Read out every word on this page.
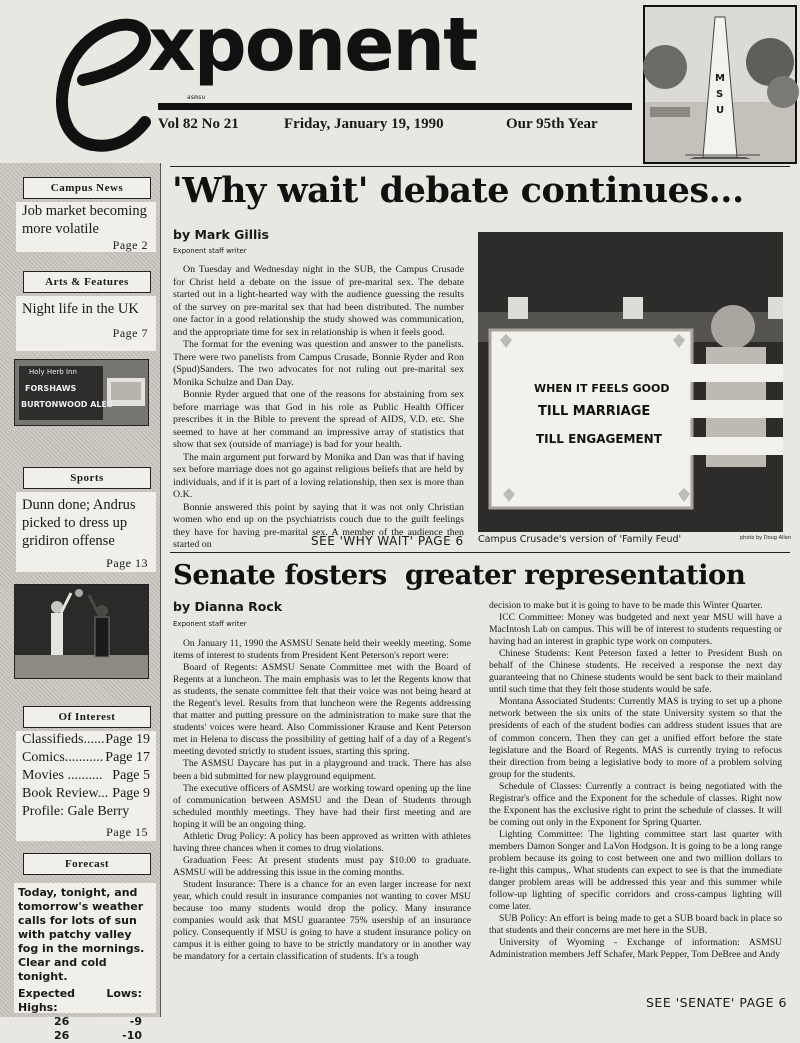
xponent
asmsu
Vol 82 No 21	Friday, January 19, 1990	Our 95th Year
M
S
U
Campus News
Job market becoming more volatile
Page 2
Arts & Features
Night life in the UK
Page 7
Holy Herb Inn
FORSHAWS
BURTONWOOD ALES
Sports
Dunn done; Andrus picked to dress up gridiron offense
Page 13
Of Interest
Classifieds...... Page 19
Comics........... Page 17
Movies .......... Page 5
Book Review... Page 9
Profile: Gale Berry
Page 15
Forecast
Today, tonight, and tomorrow's weather calls for lots of sun with patchy valley fog in the mornings. Clear and cold tonight.
Expected Highs:
Lows:
26	-9
26	-10
'Why wait' debate continues...
by Mark Gillis
Exponent staff writer

On Tuesday and Wednesday night in the SUB, the Campus Crusade for Christ held a debate on the issue of pre-marital sex. The debate started out in a light-hearted way with the audience guessing the results of the survey on pre-marital sex that had been distributed. The number one factor in a good relationship the study showed was communication, and the appropriate time for sex in relationship is when it feels good.

The format for the evening was question and answer to the panelists. There were two panelists from Campus Crusade, Bonnie Ryder and Ron (Spud)Sanders. The two advocates for not ruling out pre-marital sex Monika Schulze and Dan Day.

Bonnie Ryder argued that one of the reasons for abstaining from sex before marriage was that God in his role as Public Health Officer prescribes it in the Bible to prevent the spread of AIDS, V.D. etc. She seemed to have at her command an impressive array of statistics that show that sex (outside of marriage) is bad for your health.

The main argument put forward by Monika and Dan was that if having sex before marriage does not go against religious beliefs that are held by individuals, and if it is part of a loving relationship, then sex is more than O.K.

Bonnie answered this point by saying that it was not only Christian women who end up on the psychiatrists couch due to the guilt feelings they have for having pre-marital sex. A member of the audience then started on	SEE 'WHY WAIT' PAGE 6
WHEN IT FEELS GOOD
TILL MARRIAGE
TILL ENGAGEMENT
Campus Crusade's version of 'Family Feud'	photo by Doug Allen
Senate fosters  greater representation
by Dianna Rock
Exponent staff writer

On January 11, 1990 the ASMSU Senate held their weekly meeting. Some items of interest to students from President Kent Peterson's report were:

Board of Regents: ASMSU Senate Committee met with the Board of Regents at a luncheon. The main emphasis was to let the Regents know that as students, the senate committee felt that their voice was not being heard at the Regent's level. Results from that luncheon were the Regents addressing that matter and putting pressure on the administration to make sure that the students' voices were heard. Also Commissioner Krause and Kent Peterson met in Helena to discuss the possibility of getting half of a day of a Regent's meeting devoted strictly to student issues, starting this spring.

The ASMSU Daycare has put in a playground and track. There has also been a bid submitted for new playground equipment.

The executive officers of ASMSU are working toward opening up the line of communication between ASMSU and the Dean of Students through scheduled monthly meetings. They have had their first meeting and are hoping it will be an ongoing thing.

Athletic Drug Policy: A policy has been approved as written with athletes having three chances when it comes to drug violations.

Graduation Fees: At present students must pay $10.00 to graduate. ASMSU will be addressing this issue in the coming months.

Student Insurance: There is a chance for an even larger increase for next year, which could result in insurance companies not wanting to cover MSU because too many students would drop the policy. Many insurance companies would ask that MSU guarantee 75% usership of an insurance policy. Consequently if MSU is going to have a student insurance policy on campus it is either going to have to be strictly mandatory or in another way be mandatory for a certain classification of students. It's a tough

decision to make but it is going to have to be made this Winter Quarter.

ICC Committee: Money was budgeted and next year MSU will have a MacIntosh Lab on campus. This will be of interest to students requesting or having had an interest in graphic type work on computers.

Chinese Students: Kent Peterson faxed a letter to President Bush on behalf of the Chinese students. He received a response the next day guaranteeing that no Chinese students would be sent back to their mainland until such time that they felt those students would be safe.

Montana Associated Students: Currently MAS is trying to set up a phone network between the six units of the state University system so that the presidents of each of the student bodies can address student issues that are of common concern. Then they can get a unified effort before the state legislature and the Board of Regents. MAS is currently trying to refocus their direction from being a legislative body to more of a problem solving group for the students.

Schedule of Classes: Currently a contract is being negotiated with the Registrar's office and the Exponent for the schedule of classes. Right now the Exponent has the exclusive right to print the schedule of classes. It will be coming out only in the Exponent for Spring Quarter.

Lighting Committee: The lighting committee start last quarter with members Damon Songer and LaVon Hodgson. It is going to be a long range problem because its going to cost between one and two million dollars to re-light this campus,. What students can expect to see is that the immediate danger problem areas will be addressed this year and this summer while follow-up lighting of specific corridors and cross-campus lighting will come later.

SUB Policy: An effort is being made to get a SUB board back in place so that students and their concerns are met here in the SUB.

University of Wyoming - Exchange of information: ASMSU Administration members Jeff Schafer, Mark Pepper, Tom DeBree and Andy

SEE 'SENATE' PAGE 6
